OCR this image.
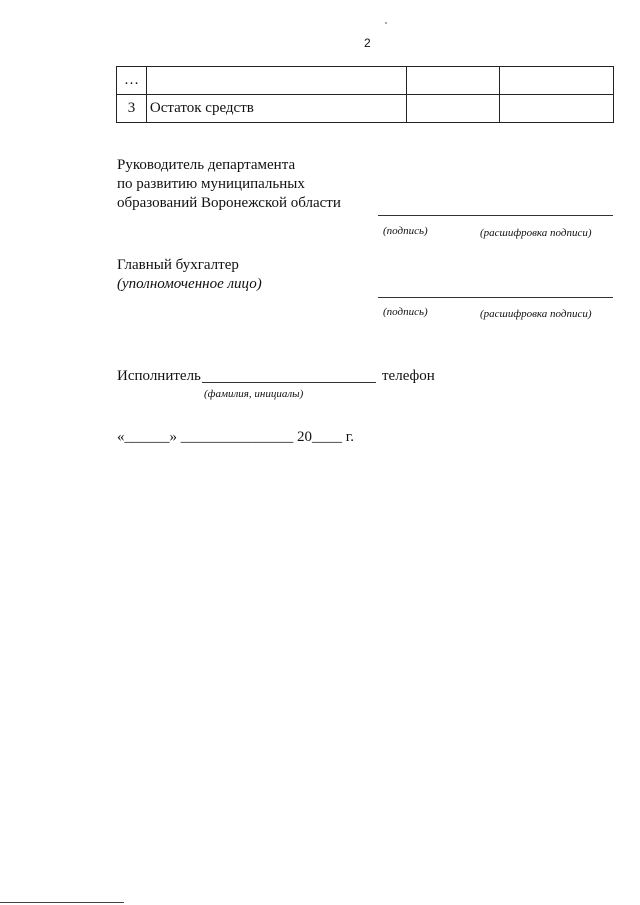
2
…			
3	Остаток средств		
Руководитель департамента
по развитию муниципальных
образований Воронежской области
(подпись)	(расшифровка подписи)
Главный бухгалтер
(уполномоченное лицо)
(подпись)	(расшифровка подписи)
Исполнитель	телефон
(фамилия, инициалы)
«______» _______________ 20____ г.
